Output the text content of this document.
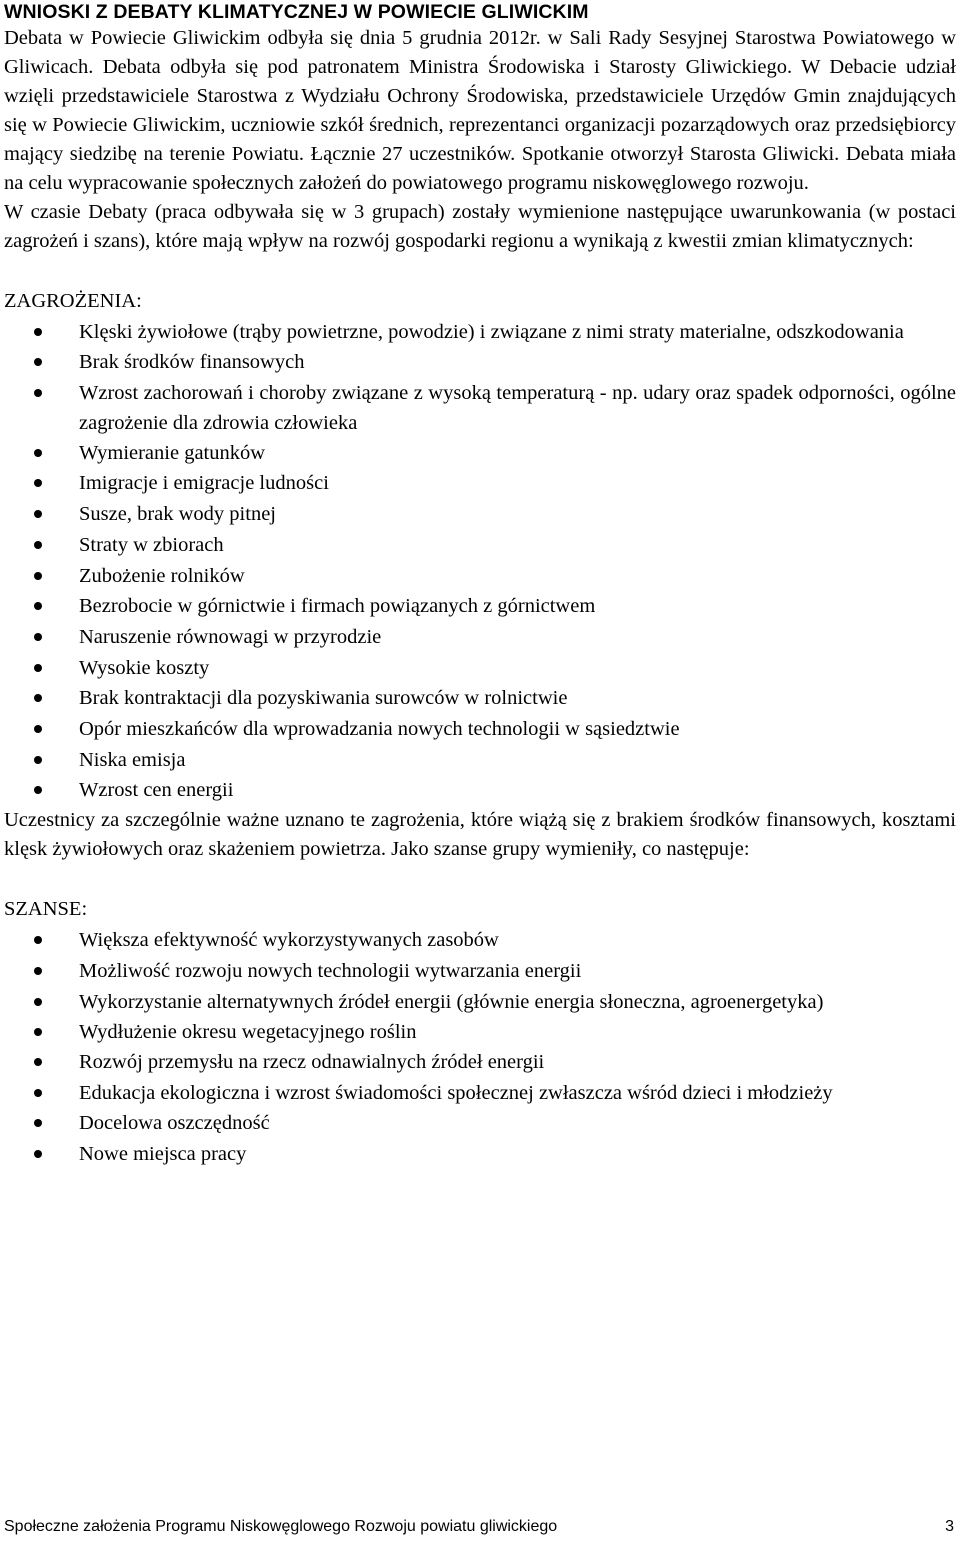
WNIOSKI Z DEBATY KLIMATYCZNEJ W POWIECIE GLIWICKIM

Debata w Powiecie Gliwickim odbyła się dnia 5 grudnia 2012r. w Sali Rady Sesyjnej Starostwa Powiatowego w Gliwicach. Debata odbyła się pod patronatem Ministra Środowiska i Starosty Gliwickiego. W Debacie udział wzięli przedstawiciele Starostwa z Wydziału Ochrony Środowiska, przedstawiciele Urzędów Gmin znajdujących się w Powiecie Gliwickim, uczniowie szkół średnich, reprezentanci organizacji pozarządowych oraz przedsiębiorcy mający siedzibę na terenie Powiatu. Łącznie 27 uczestników. Spotkanie otworzył Starosta Gliwicki. Debata miała na celu wypracowanie społecznych założeń do powiatowego programu niskowęglowego rozwoju.

W czasie Debaty (praca odbywała się w 3 grupach) zostały wymienione następujące uwarunkowania (w postaci zagrożeń i szans), które mają wpływ na rozwój gospodarki regionu a wynikają z kwestii zmian klimatycznych:

ZAGROŻENIA:
Klęski żywiołowe (trąby powietrzne, powodzie) i związane z nimi straty materialne, odszkodowania
Brak środków finansowych
Wzrost zachorowań i choroby związane z wysoką temperaturą - np. udary oraz spadek odporności, ogólne zagrożenie dla zdrowia człowieka
Wymieranie gatunków
Imigracje i emigracje ludności
Susze, brak wody pitnej
Straty w zbiorach
Zubożenie rolników
Bezrobocie w górnictwie i firmach powiązanych z górnictwem
Naruszenie równowagi w przyrodzie
Wysokie koszty
Brak kontraktacji dla pozyskiwania surowców w rolnictwie
Opór mieszkańców dla wprowadzania nowych technologii w sąsiedztwie
Niska emisja
Wzrost cen energii

Uczestnicy za szczególnie ważne uznano te zagrożenia, które wiążą się z brakiem środków finansowych, kosztami klęsk żywiołowych oraz skażeniem powietrza. Jako szanse grupy wymieniły, co następuje:

SZANSE:
Większa efektywność wykorzystywanych zasobów
Możliwość rozwoju nowych technologii wytwarzania energii
Wykorzystanie alternatywnych źródeł energii (głównie energia słoneczna, agroenergetyka)
Wydłużenie okresu wegetacyjnego roślin
Rozwój przemysłu na rzecz odnawialnych źródeł energii
Edukacja ekologiczna i wzrost świadomości społecznej zwłaszcza wśród dzieci i młodzieży
Docelowa oszczędność
Nowe miejsca pracy
Społeczne założenia Programu Niskowęglowego Rozwoju powiatu gliwickiego	3
